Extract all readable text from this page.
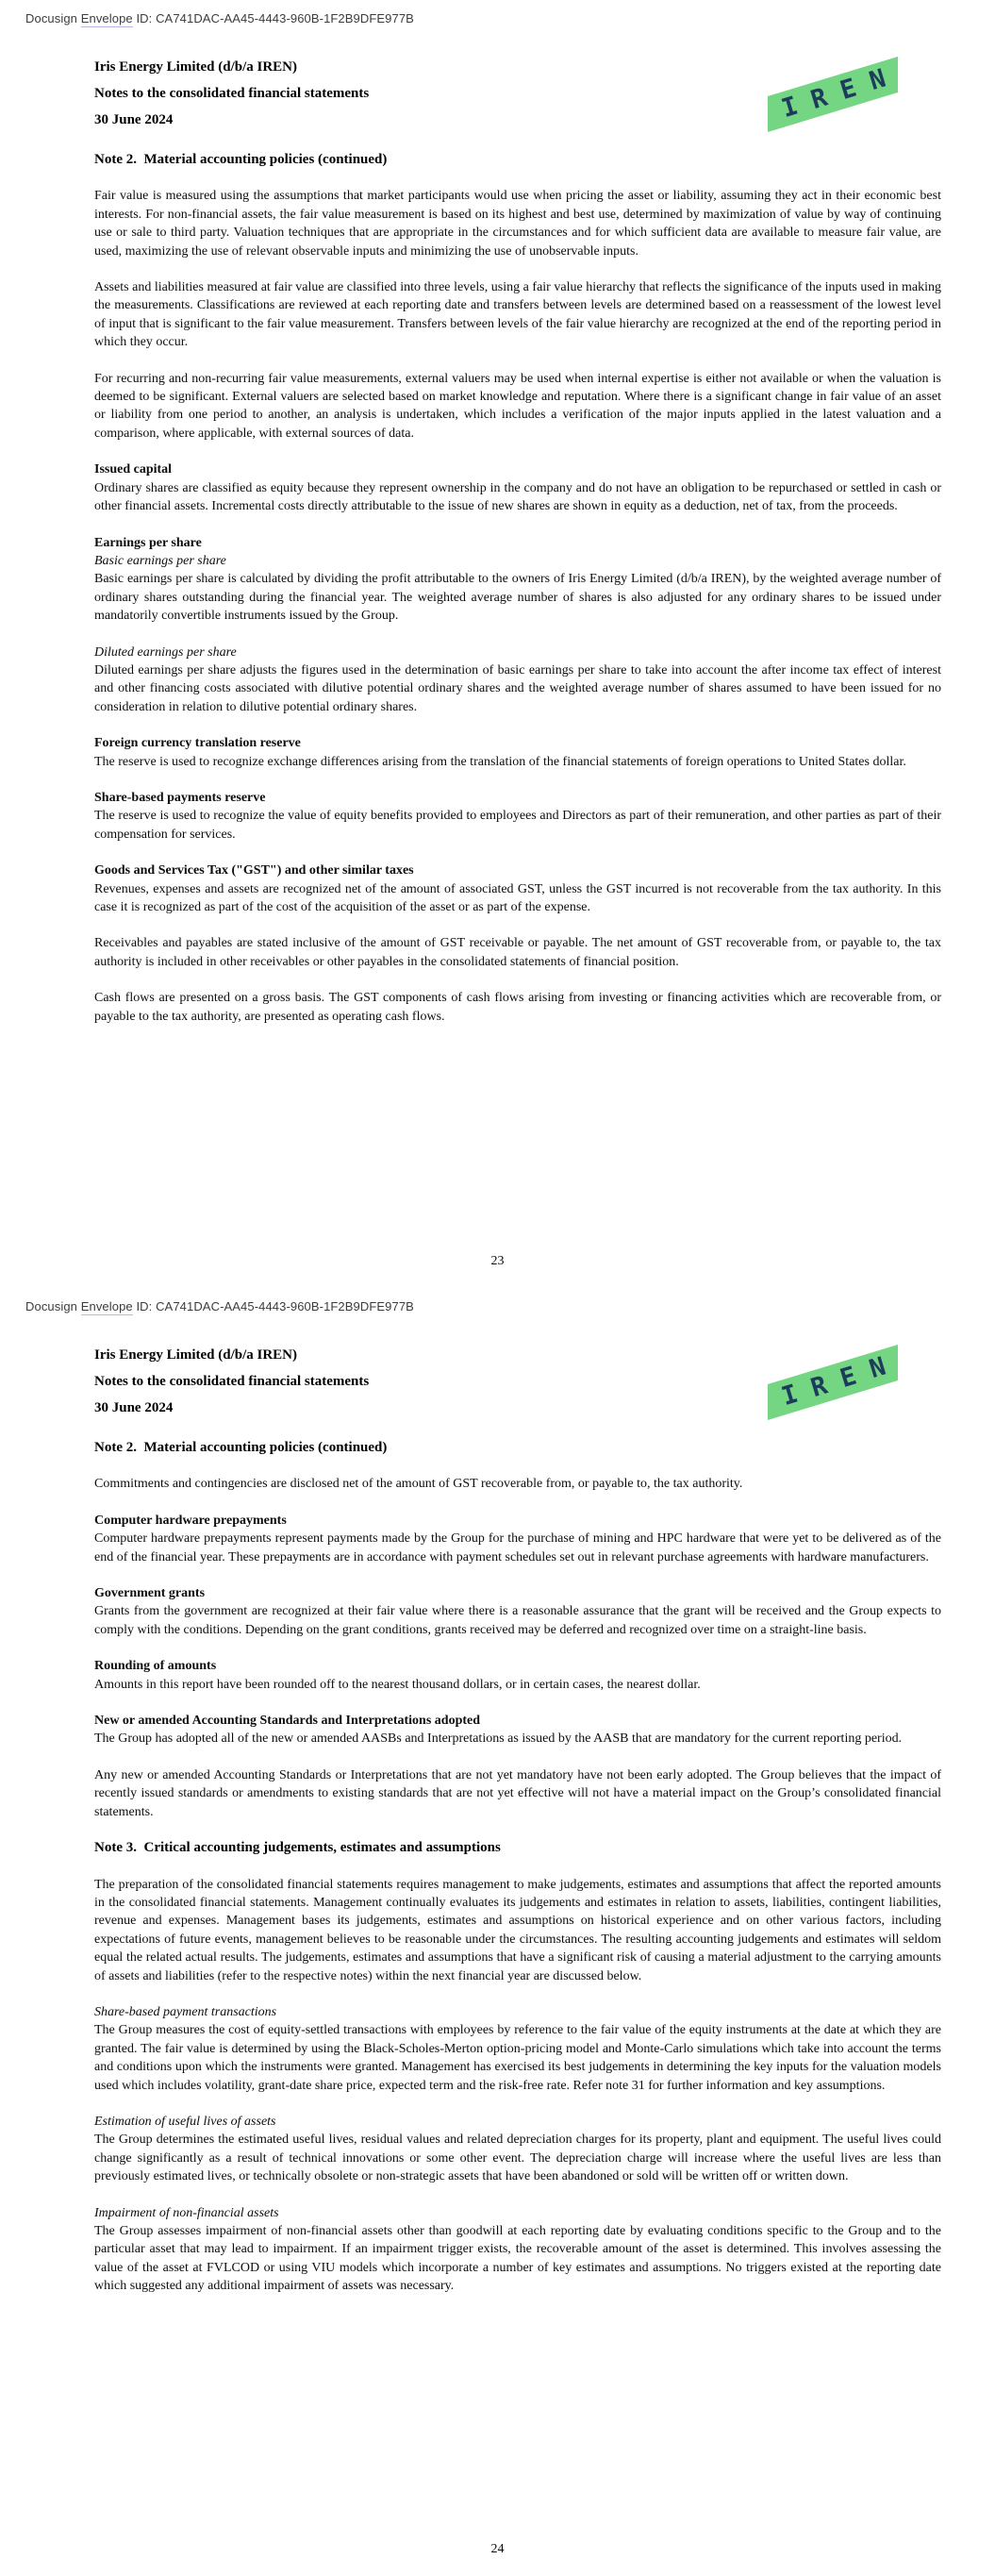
Docusign Envelope ID: CA741DAC-AA45-4443-960B-1F2B9DFE977B
I R E N
Iris Energy Limited (d/b/a IREN)
Notes to the consolidated financial statements
30 June 2024
Note 2.  Material accounting policies (continued)
Fair value is measured using the assumptions that market participants would use when pricing the asset or liability, assuming they act in their economic best interests. For non-financial assets, the fair value measurement is based on its highest and best use, determined by maximization of value by way of continuing use or sale to third party. Valuation techniques that are appropriate in the circumstances and for which sufficient data are available to measure fair value, are used, maximizing the use of relevant observable inputs and minimizing the use of unobservable inputs.
Assets and liabilities measured at fair value are classified into three levels, using a fair value hierarchy that reflects the significance of the inputs used in making the measurements. Classifications are reviewed at each reporting date and transfers between levels are determined based on a reassessment of the lowest level of input that is significant to the fair value measurement. Transfers between levels of the fair value hierarchy are recognized at the end of the reporting period in which they occur.
For recurring and non-recurring fair value measurements, external valuers may be used when internal expertise is either not available or when the valuation is deemed to be significant. External valuers are selected based on market knowledge and reputation. Where there is a significant change in fair value of an asset or liability from one period to another, an analysis is undertaken, which includes a verification of the major inputs applied in the latest valuation and a comparison, where applicable, with external sources of data.
Issued capital
Ordinary shares are classified as equity because they represent ownership in the company and do not have an obligation to be repurchased or settled in cash or other financial assets. Incremental costs directly attributable to the issue of new shares are shown in equity as a deduction, net of tax, from the proceeds.
Earnings per share
Basic earnings per share
Basic earnings per share is calculated by dividing the profit attributable to the owners of Iris Energy Limited (d/b/a IREN), by the weighted average number of ordinary shares outstanding during the financial year. The weighted average number of shares is also adjusted for any ordinary shares to be issued under mandatorily convertible instruments issued by the Group.
Diluted earnings per share
Diluted earnings per share adjusts the figures used in the determination of basic earnings per share to take into account the after income tax effect of interest and other financing costs associated with dilutive potential ordinary shares and the weighted average number of shares assumed to have been issued for no consideration in relation to dilutive potential ordinary shares.
Foreign currency translation reserve
The reserve is used to recognize exchange differences arising from the translation of the financial statements of foreign operations to United States dollar.
Share-based payments reserve
The reserve is used to recognize the value of equity benefits provided to employees and Directors as part of their remuneration, and other parties as part of their compensation for services.
Goods and Services Tax ("GST") and other similar taxes
Revenues, expenses and assets are recognized net of the amount of associated GST, unless the GST incurred is not recoverable from the tax authority. In this case it is recognized as part of the cost of the acquisition of the asset or as part of the expense.
Receivables and payables are stated inclusive of the amount of GST receivable or payable. The net amount of GST recoverable from, or payable to, the tax authority is included in other receivables or other payables in the consolidated statements of financial position.
Cash flows are presented on a gross basis. The GST components of cash flows arising from investing or financing activities which are recoverable from, or payable to the tax authority, are presented as operating cash flows.
23
Docusign Envelope ID: CA741DAC-AA45-4443-960B-1F2B9DFE977B
I R E N
Iris Energy Limited (d/b/a IREN)
Notes to the consolidated financial statements
30 June 2024
Note 2.  Material accounting policies (continued)
Commitments and contingencies are disclosed net of the amount of GST recoverable from, or payable to, the tax authority.
Computer hardware prepayments
Computer hardware prepayments represent payments made by the Group for the purchase of mining and HPC hardware that were yet to be delivered as of the end of the financial year. These prepayments are in accordance with payment schedules set out in relevant purchase agreements with hardware manufacturers.
Government grants
Grants from the government are recognized at their fair value where there is a reasonable assurance that the grant will be received and the Group expects to comply with the conditions. Depending on the grant conditions, grants received may be deferred and recognized over time on a straight-line basis.
Rounding of amounts
Amounts in this report have been rounded off to the nearest thousand dollars, or in certain cases, the nearest dollar.
New or amended Accounting Standards and Interpretations adopted
The Group has adopted all of the new or amended AASBs and Interpretations as issued by the AASB that are mandatory for the current reporting period.
Any new or amended Accounting Standards or Interpretations that are not yet mandatory have not been early adopted. The Group believes that the impact of recently issued standards or amendments to existing standards that are not yet effective will not have a material impact on the Group’s consolidated financial statements.
Note 3.  Critical accounting judgements, estimates and assumptions
The preparation of the consolidated financial statements requires management to make judgements, estimates and assumptions that affect the reported amounts in the consolidated financial statements. Management continually evaluates its judgements and estimates in relation to assets, liabilities, contingent liabilities, revenue and expenses. Management bases its judgements, estimates and assumptions on historical experience and on other various factors, including expectations of future events, management believes to be reasonable under the circumstances. The resulting accounting judgements and estimates will seldom equal the related actual results. The judgements, estimates and assumptions that have a significant risk of causing a material adjustment to the carrying amounts of assets and liabilities (refer to the respective notes) within the next financial year are discussed below.
Share-based payment transactions
The Group measures the cost of equity-settled transactions with employees by reference to the fair value of the equity instruments at the date at which they are granted. The fair value is determined by using the Black-Scholes-Merton option-pricing model and Monte-Carlo simulations which take into account the terms and conditions upon which the instruments were granted. Management has exercised its best judgements in determining the key inputs for the valuation models used which includes volatility, grant-date share price, expected term and the risk-free rate. Refer note 31 for further information and key assumptions.
Estimation of useful lives of assets
The Group determines the estimated useful lives, residual values and related depreciation charges for its property, plant and equipment. The useful lives could change significantly as a result of technical innovations or some other event. The depreciation charge will increase where the useful lives are less than previously estimated lives, or technically obsolete or non-strategic assets that have been abandoned or sold will be written off or written down.
Impairment of non-financial assets
The Group assesses impairment of non-financial assets other than goodwill at each reporting date by evaluating conditions specific to the Group and to the particular asset that may lead to impairment. If an impairment trigger exists, the recoverable amount of the asset is determined. This involves assessing the value of the asset at FVLCOD or using VIU models which incorporate a number of key estimates and assumptions. No triggers existed at the reporting date which suggested any additional impairment of assets was necessary.
24
